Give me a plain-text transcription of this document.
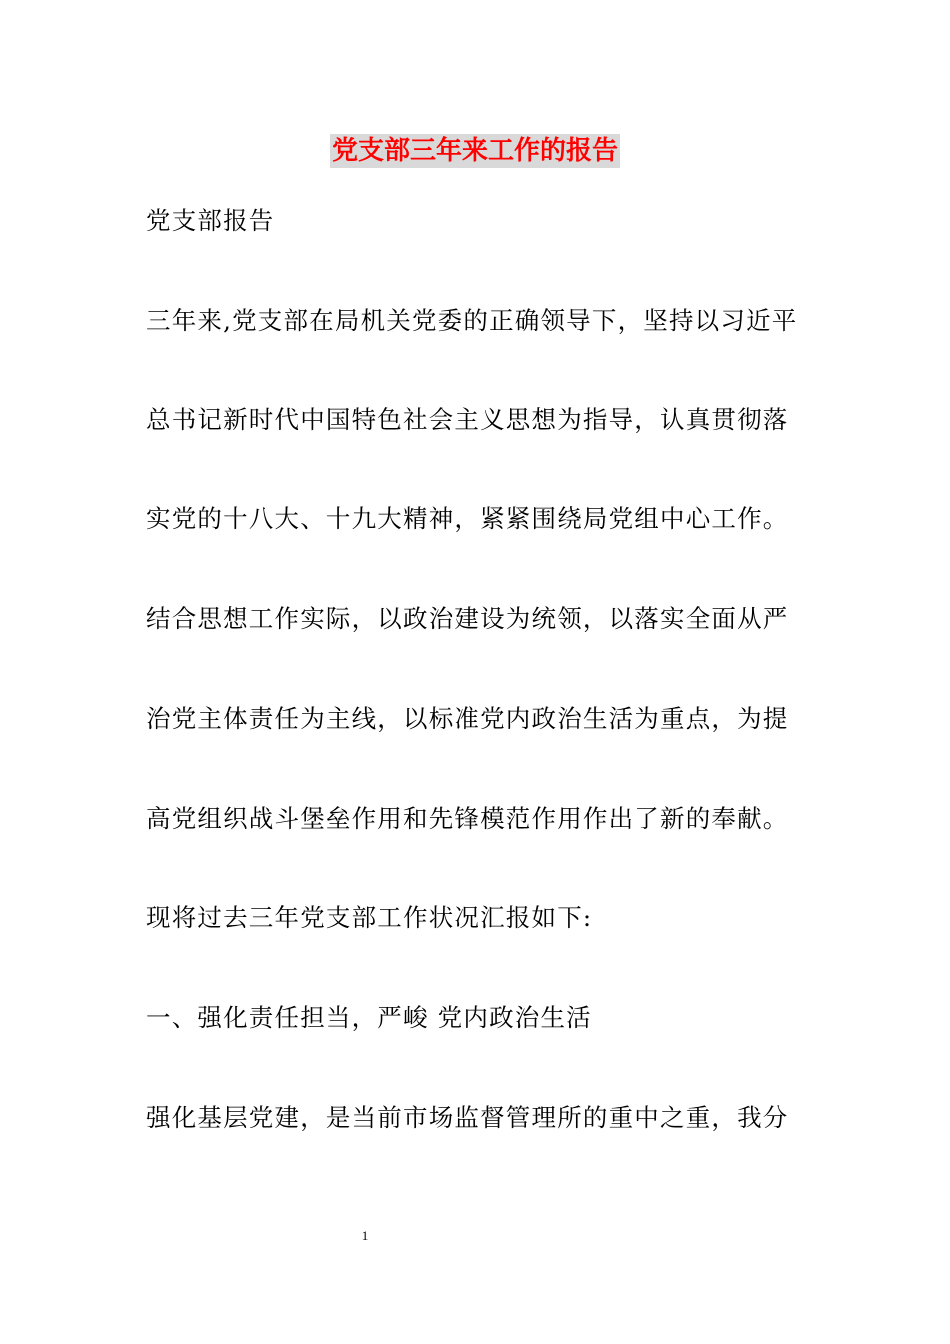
党支部三年来工作的报告
党支部报告
三年来,党支部在局机关党委的正确领导下，坚持以习近平
总书记新时代中国特色社会主义思想为指导，认真贯彻落
实党的十八大、十九大精神，紧紧围绕局党组中心工作。
结合思想工作实际，以政治建设为统领，以落实全面从严
治党主体责任为主线，以标准党内政治生活为重点，为提
高党组织战斗堡垒作用和先锋模范作用作出了新的奉献。
现将过去三年党支部工作状况汇报如下:
一、强化责任担当，严峻 党内政治生活
强化基层党建，是当前市场监督管理所的重中之重，我分
1
